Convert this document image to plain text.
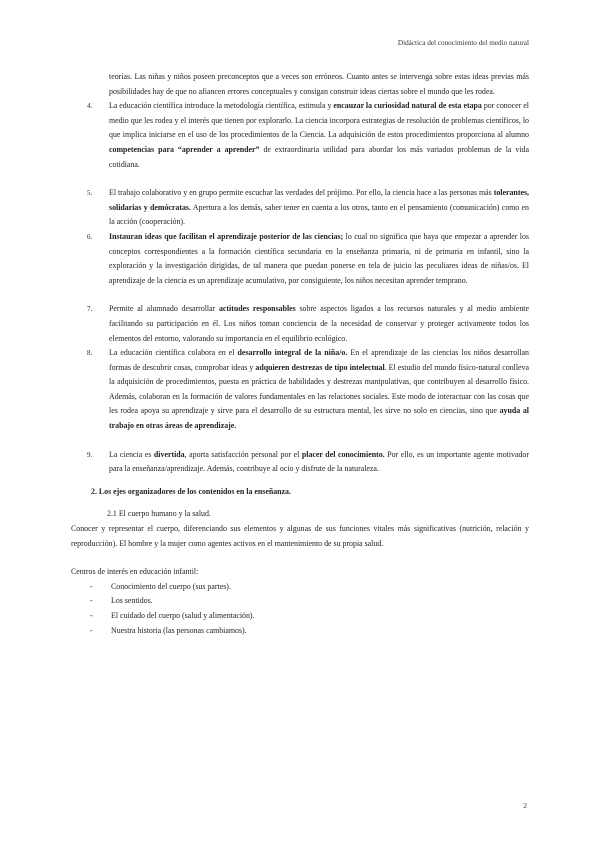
Didáctica del conocimiento del medio natural
teorías. Las niñas y niños poseen preconceptos que a veces son erróneos. Cuanto antes se intervenga sobre estas ideas previas más posibilidades hay de que no afiancen errores conceptuales y consigan construir ideas ciertas sobre el mundo que les rodea.
4. La educación científica introduce la metodología científica, estimula y encauzar la curiosidad natural de esta etapa por conocer el medio que les rodea y el interés que tienen por explorarlo. La ciencia incorpora estrategias de resolución de problemas científicos, lo que implica iniciarse en el uso de los procedimientos de la Ciencia. La adquisición de estos procedimientos proporciona al alumno competencias para “aprender a aprender” de extraordinaria utilidad para abordar los más variados problemas de la vida cotidiana.
5. El trabajo colaborativo y en grupo permite escuchar las verdades del prójimo. Por ello, la ciencia hace a las personas más tolerantes, solidarias y demócratas. Apertura a los demás, saber tener en cuenta a los otros, tanto en el pensamiento (comunicación) como en la acción (cooperación).
6. Instauran ideas que facilitan el aprendizaje posterior de las ciencias; lo cual no significa que haya que empezar a aprender los conceptos correspondientes a la formación científica secundaria en la enseñanza primaria, ni de primaria en infantil, sino la exploración y la investigación dirigidas, de tal manera que puedan ponerse en tela de juicio las peculiares ideas de niñas/os. El aprendizaje de la ciencia es un aprendizaje acumulativo, por consiguiente, los niños necesitan aprender temprano.
7. Permite al alumnado desarrollar actitudes responsables sobre aspectos ligados a los recursos naturales y al medio ambiente facilitando su participación en él. Los niños toman conciencia de la necesidad de conservar y proteger activamente todos los elementos del entorno, valorando su importancia en el equilibrio ecológico.
8. La educación científica colabora en el desarrollo integral de la niña/o. En el aprendizaje de las ciencias los niños desarrollan formas de descubrir cosas, comprobar ideas y adquieren destrezas de tipo intelectual. El estudio del mundo físico-natural conlleva la adquisición de procedimientos, puesta en práctica de habilidades y destrezas manipulativas, que contribuyen al desarrollo físico. Además, colaboran en la formación de valores fundamentales en las relaciones sociales. Este modo de interactuar con las cosas que les rodea apoya su aprendizaje y sirve para el desarrollo de su estructura mental, les sirve no solo en ciencias, sino que ayuda al trabajo en otras áreas de aprendizaje.
9. La ciencia es divertida, aporta satisfacción personal por el placer del conocimiento. Por ello, es un importante agente motivador para la enseñanza/aprendizaje. Además, contribuye al ocio y disfrute de la naturaleza.
2. Los ejes organizadores de los contenidos en la enseñanza.
2.1 El cuerpo humano y la salud.
Conocer y representar el cuerpo, diferenciando sus elementos y algunas de sus funciones vitales más significativas (nutrición, relación y reproducción). El hombre y la mujer como agentes activos en el mantenimiento de su propia salud.
Centros de interés en educación infantil:
- Conocimiento del cuerpo (sus partes).
- Los sentidos.
- El cuidado del cuerpo (salud y alimentación).
- Nuestra historia (las personas cambiamos).
2
